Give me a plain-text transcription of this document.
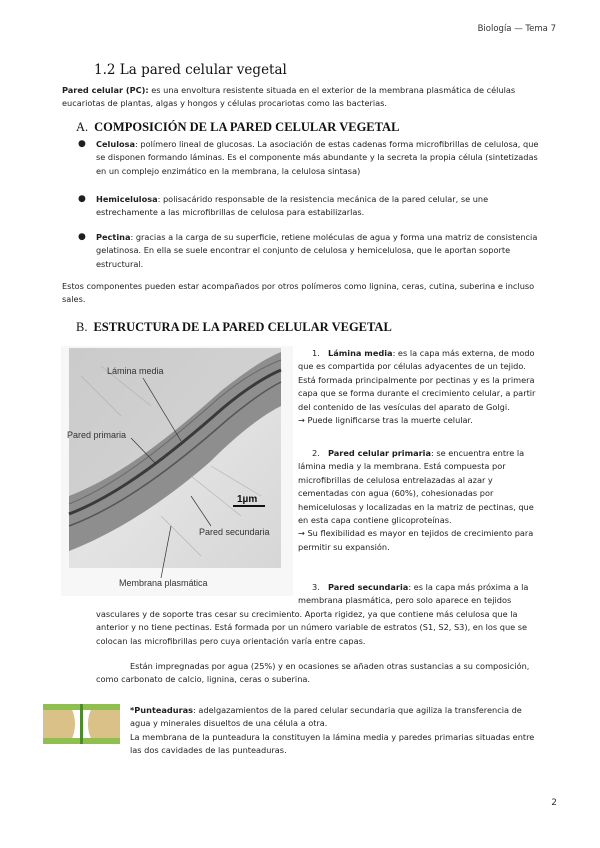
Biología — Tema 7
1.2 La pared celular vegetal
Pared celular (PC): es una envoltura resistente situada en el exterior de la membrana plasmática de células eucariotas de plantas, algas y hongos y células procariotas como las bacterias.
A. COMPOSICIÓN DE LA PARED CELULAR VEGETAL
● Celulosa: polímero lineal de glucosas. La asociación de estas cadenas forma microfibrillas de celulosa, que se disponen formando láminas. Es el componente más abundante y la secreta la propia célula (sintetizadas en un complejo enzimático en la membrana, la celulosa sintasa)
● Hemicelulosa: polisacárido responsable de la resistencia mecánica de la pared celular, se une estrechamente a las microfibrillas de celulosa para estabilizarlas.
● Pectina: gracias a la carga de su superficie, retiene moléculas de agua y forma una matriz de consistencia gelatinosa. En ella se suele encontrar el conjunto de celulosa y hemicelulosa, que le aportan soporte estructural.
Estos componentes pueden estar acompañados por otros polímeros como lignina, ceras, cutina, suberina e incluso sales.
B. ESTRUCTURA DE LA PARED CELULAR VEGETAL
Lámina media
Pared primaria
Pared secundaria
Membrana plasmática
1µm
1. Lámina media: es la capa más externa, de modo que es compartida por células adyacentes de un tejido. Está formada principalmente por pectinas y es la primera capa que se forma durante el crecimiento celular, a partir del contenido de las vesículas del aparato de Golgi.
→ Puede lignificarse tras la muerte celular.
2. Pared celular primaria: se encuentra entre la lámina media y la membrana. Está compuesta por microfibrillas de celulosa entrelazadas al azar y cementadas con agua (60%), cohesionadas por hemicelulosas y localizadas en la matriz de pectinas, que en esta capa contiene glicoproteínas.
→ Su flexibilidad es mayor en tejidos de crecimiento para permitir su expansión.
3. Pared secundaria: es la capa más próxima a la membrana plasmática, pero solo aparece en tejidos
vasculares y de soporte tras cesar su crecimiento. Aporta rigidez, ya que contiene más celulosa que la anterior y no tiene pectinas. Está formada por un número variable de estratos (S1, S2, S3), en los que se colocan las microfibrillas pero cuya orientación varía entre capas.
Están impregnadas por agua (25%) y en ocasiones se añaden otras sustancias a su composición, como carbonato de calcio, lignina, ceras o suberina.
*Punteaduras: adelgazamientos de la pared celular secundaria que agiliza la transferencia de agua y minerales disueltos de una célula a otra.
La membrana de la punteadura la constituyen la lámina media y paredes primarias situadas entre las dos cavidades de las punteaduras.
2
